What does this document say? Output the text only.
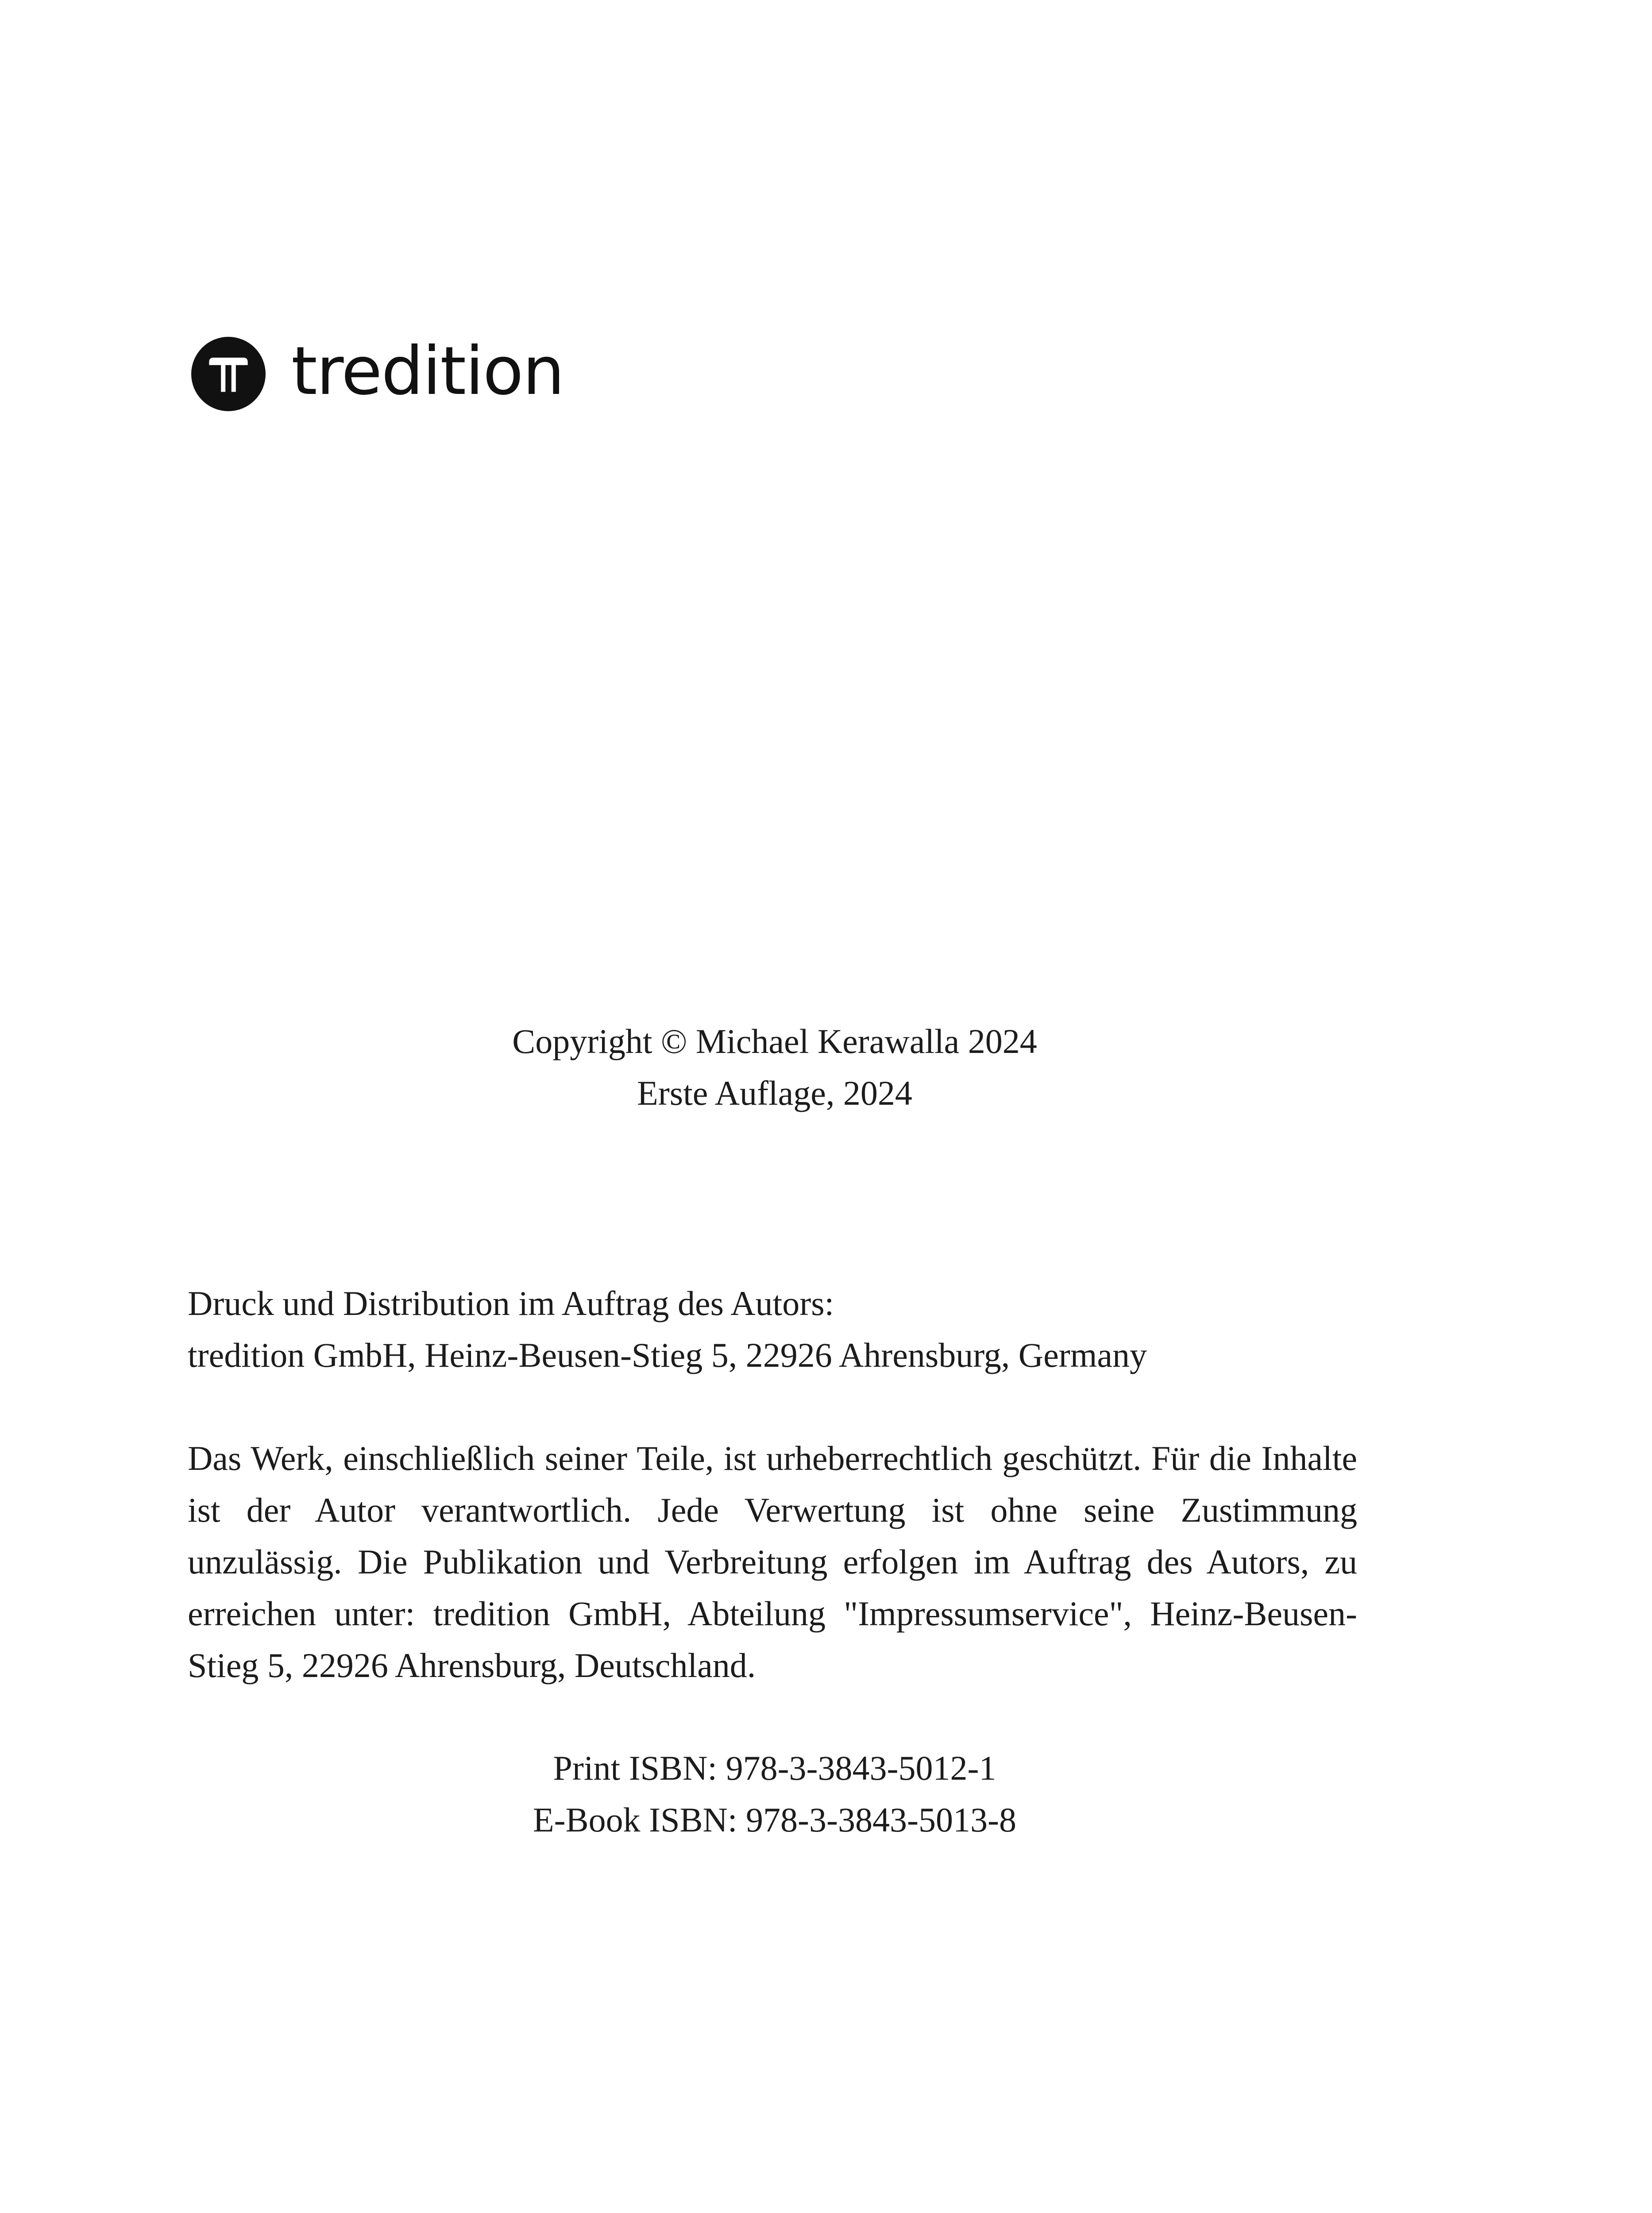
tredition
Copyright © Michael Kerawalla 2024
Erste Auflage, 2024
Druck und Distribution im Auftrag des Autors:
tredition GmbH, Heinz-Beusen-Stieg 5, 22926 Ahrensburg, Germany
Das Werk, einschließlich seiner Teile, ist urheberrechtlich geschützt. Für die Inhalte ist der Autor verantwortlich. Jede Verwertung ist ohne seine Zustimmung unzulässig. Die Publikation und Verbreitung erfolgen im Auftrag des Autors, zu erreichen unter: tredition GmbH, Abteilung "Impressumservice", Heinz-Beusen-Stieg 5, 22926 Ahrensburg, Deutschland.
Print ISBN: 978-3-3843-5012-1
E-Book ISBN: 978-3-3843-5013-8
